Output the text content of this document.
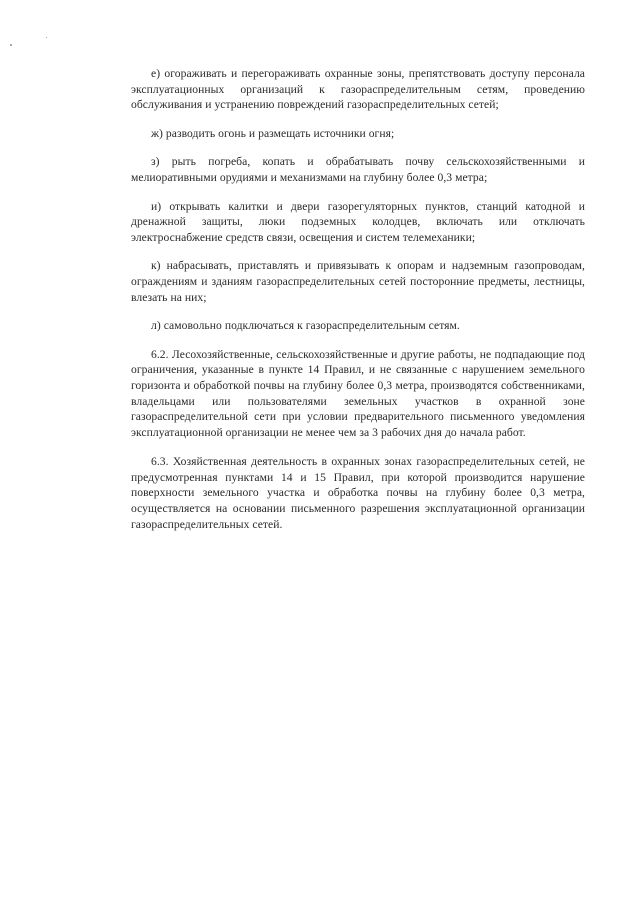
е) огораживать и перегораживать охранные зоны, препятствовать доступу персонала эксплуатационных организаций к газораспределительным сетям, проведению обслуживания и устранению повреждений газораспределительных сетей;

ж) разводить огонь и размещать источники огня;

з) рыть погреба, копать и обрабатывать почву сельскохозяйственными и мелиоративными орудиями и механизмами на глубину более 0,3 метра;

и) открывать калитки и двери газорегуляторных пунктов, станций катодной и дренажной защиты, люки подземных колодцев, включать или отключать электроснабжение средств связи, освещения и систем телемеханики;

к) набрасывать, приставлять и привязывать к опорам и надземным газопроводам, ограждениям и зданиям газораспределительных сетей посторонние предметы, лестницы, влезать на них;

л) самовольно подключаться к газораспределительным сетям.

6.2. Лесохозяйственные, сельскохозяйственные и другие работы, не подпадающие под ограничения, указанные в пункте 14 Правил, и не связанные с нарушением земельного горизонта и обработкой почвы на глубину более 0,3 метра, производятся собственниками, владельцами или пользователями земельных участков в охранной зоне газораспределительной сети при условии предварительного письменного уведомления эксплуатационной организации не менее чем за 3 рабочих дня до начала работ.

6.3. Хозяйственная деятельность в охранных зонах газораспределительных сетей, не предусмотренная пунктами 14 и 15 Правил, при которой производится нарушение поверхности земельного участка и обработка почвы на глубину более 0,3 метра, осуществляется на основании письменного разрешения эксплуатационной организации газораспределительных сетей.
